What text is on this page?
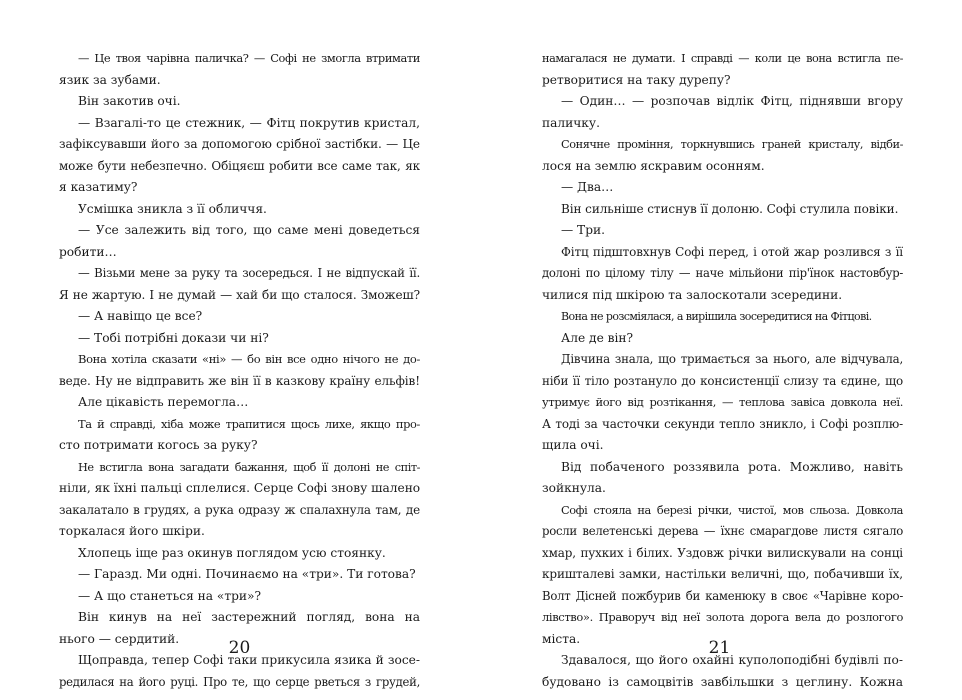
— Це твоя чарівна паличка? — Софі не змогла втримати
язик за зубами.
Він закотив очі.
— Взагалі-то це стежник, — Фітц покрутив кристал,
зафіксувавши його за допомогою срібної застібки. — Це
може бути небезпечно. Обіцяєш робити все саме так, як
я казатиму?
Усмішка зникла з її обличчя.
— Усе залежить від того, що саме мені доведеться
робити…
— Візьми мене за руку та зосередься. І не відпускай її.
Я не жартую. І не думай — хай би що сталося. Зможеш?
— А навіщо це все?
— Тобі потрібні докази чи ні?
Вона хотіла сказати «ні» — бо він все одно нічого не до-
веде. Ну не відправить же він її в казкову країну ельфів!
Але цікавість перемогла…
Та й справді, хіба може трапитися щось лихе, якщо про-
сто потримати когось за руку?
Не встигла вона загадати бажання, щоб її долоні не спіт-
ніли, як їхні пальці сплелися. Серце Софі знову шалено
закалатало в грудях, а рука одразу ж спалахнула там, де
торкалася його шкіри.
Хлопець іще раз окинув поглядом усю стоянку.
— Гаразд. Ми одні. Починаємо на «три». Ти готова?
— А що станеться на «три»?
Він кинув на неї застережний погляд, вона на
нього — сердитий.
Щоправда, тепер Софі таки прикусила язика й зосе-
редилася на його руці. Про те, що серце рветься з грудей,
20
намагалася не думати. І справді — коли це вона встигла пе-
ретворитися на таку дурепу?
— Один… — розпочав відлік Фітц, піднявши вгору
паличку.
Сонячне проміння, торкнувшись граней кристалу, відби-
лося на землю яскравим осонням.
— Два…
Він сильніше стиснув її долоню. Софі стулила повіки.
— Три.
Фітц підштовхнув Софі перед, і отой жар розлився з її
долоні по цілому тілу — наче мільйони пір'їнок настовбур-
чилися під шкірою та залоскотали зсередини.
Вона не розсміялася, а вирішила зосередитися на Фітцові.
Але де він?
Дівчина знала, що тримається за нього, але відчувала,
ніби її тіло розтануло до консистенції слизу та єдине, що
утримує його від розтікання, — теплова завіса довкола неї.
А тоді за часточки секунди тепло зникло, і Софі розплю-
щила очі.
Від побаченого роззявила рота. Можливо, навіть
зойкнула.
Софі стояла на березі річки, чистої, мов сльоза. Довкола
росли велетенські дерева — їхнє смарагдове листя сягало
хмар, пухких і білих. Уздовж річки вилискували на сонці
кришталеві замки, настільки величні, що, побачивши їх,
Волт Дісней пожбурив би каменюку в своє «Чарівне коро-
лівство». Праворуч від неї золота дорога вела до розлогого
міста.
Здавалося, що його охайні куполоподібні будівлі по-
будовано із самоцвітів завбільшки з цеглину. Кожна
21
